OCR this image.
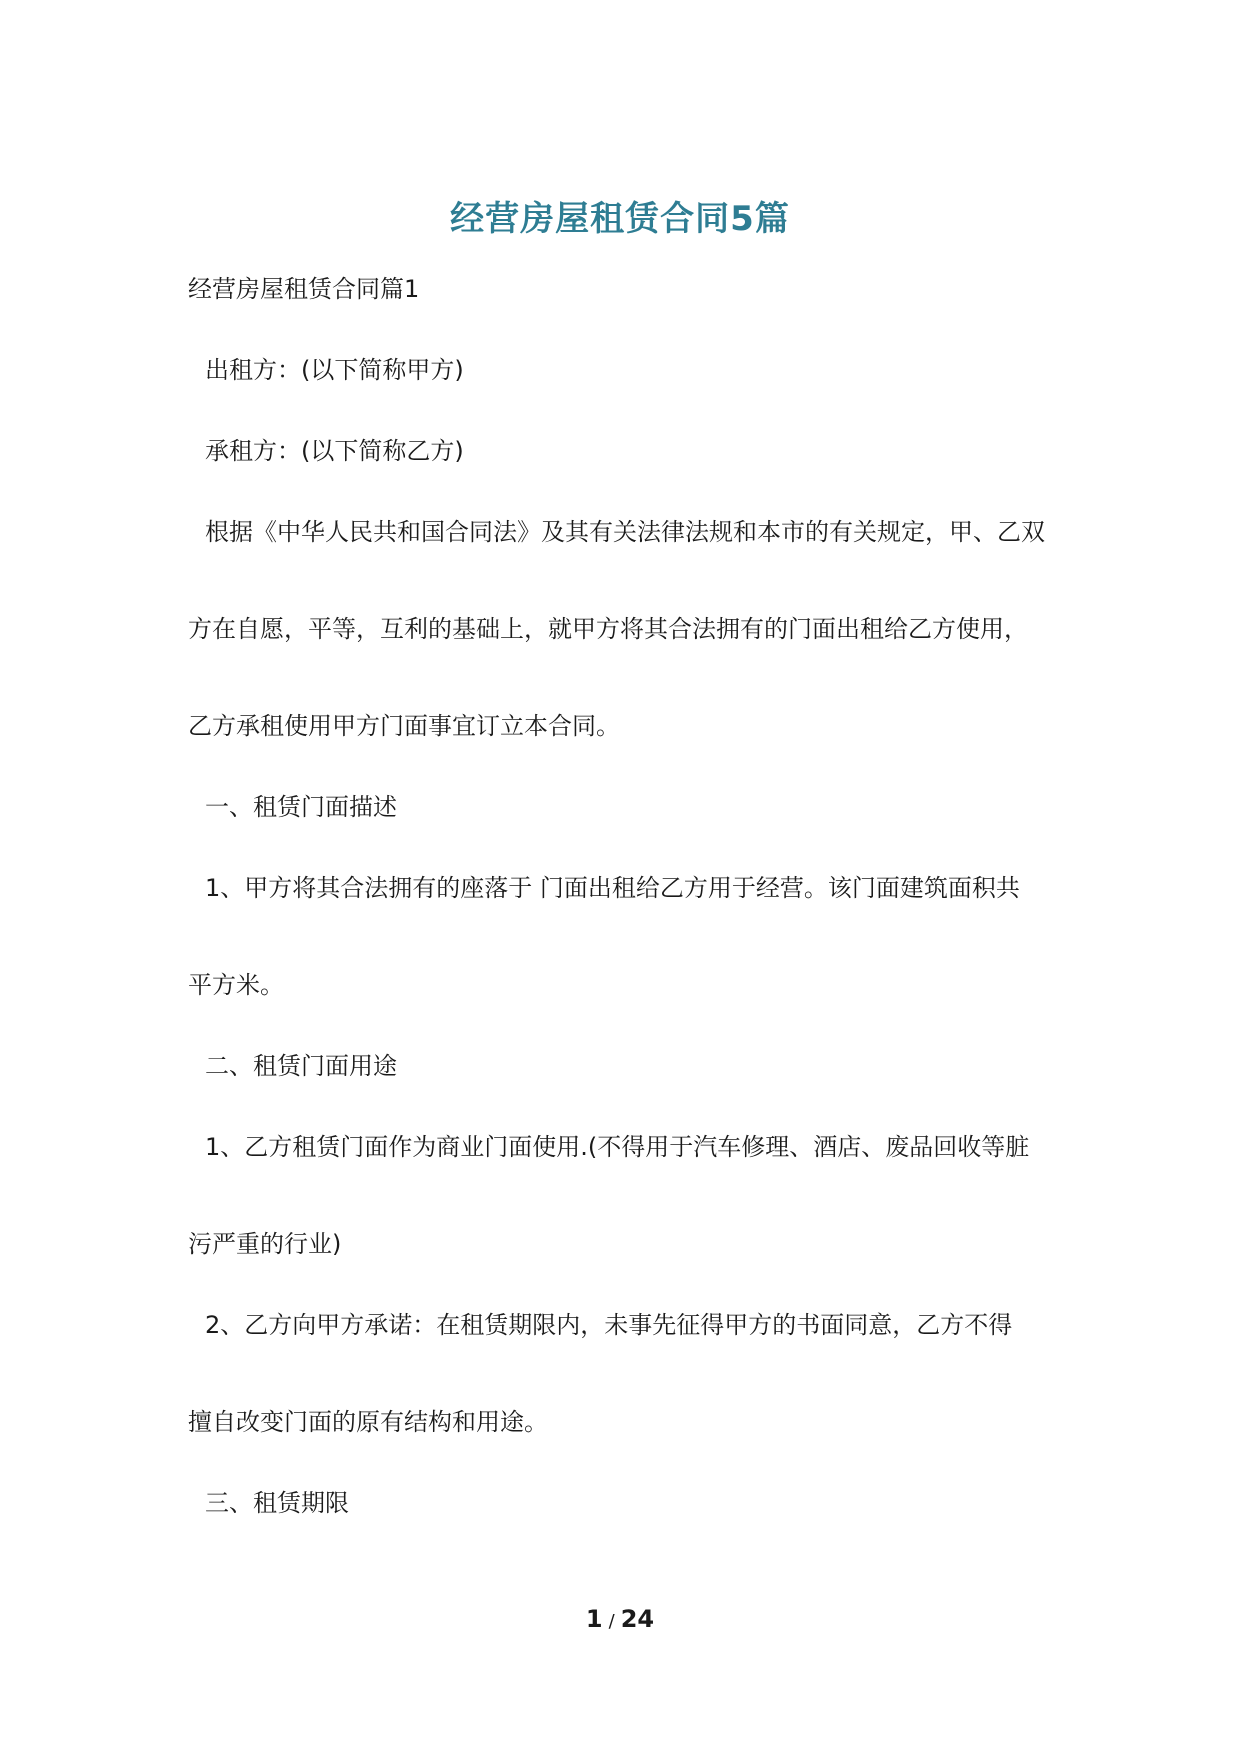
经营房屋租赁合同5篇
经营房屋租赁合同篇1
出租方：(以下简称甲方)
承租方：(以下简称乙方)
根据《中华人民共和国合同法》及其有关法律法规和本市的有关规定，甲、乙双
方在自愿，平等，互利的基础上，就甲方将其合法拥有的门面出租给乙方使用，
乙方承租使用甲方门面事宜订立本合同。
一、租赁门面描述
1、甲方将其合法拥有的座落于 门面出租给乙方用于经营。该门面建筑面积共
平方米。
二、租赁门面用途
1、乙方租赁门面作为商业门面使用.(不得用于汽车修理、酒店、废品回收等脏
污严重的行业)
2、乙方向甲方承诺：在租赁期限内，未事先征得甲方的书面同意，乙方不得
擅自改变门面的原有结构和用途。
三、租赁期限
1 / 24
